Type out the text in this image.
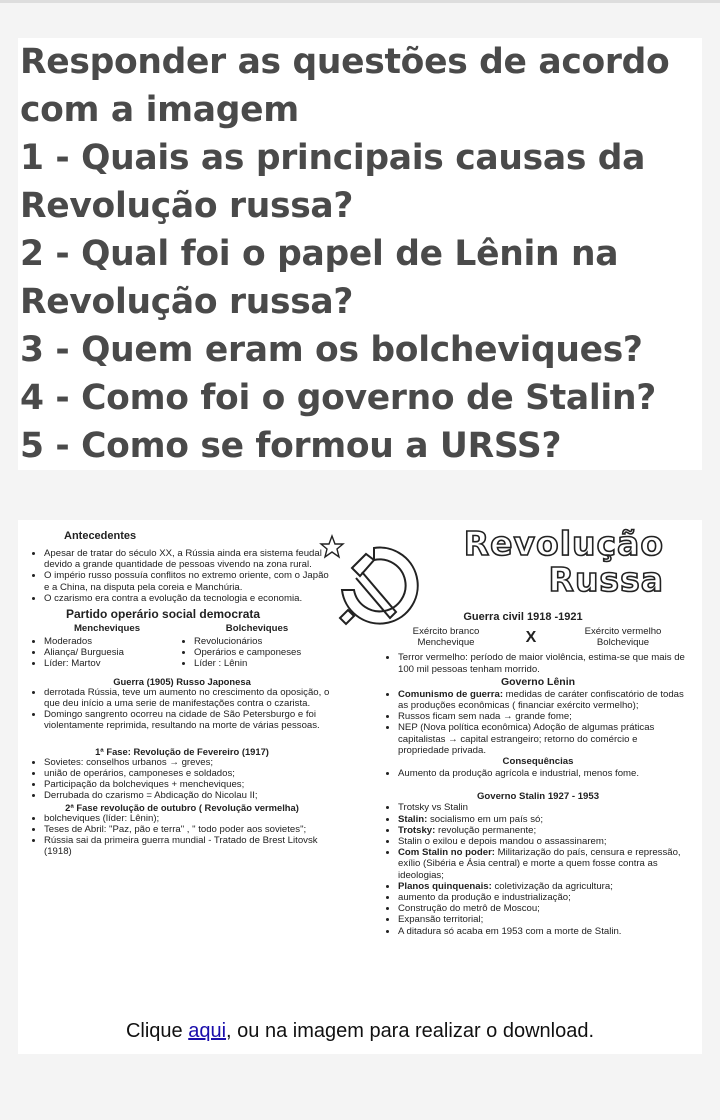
Responder as questões de acordo

com a imagem

1 - Quais as principais causas da

Revolução russa?

2 - Qual foi o papel de Lênin na

Revolução russa?

3 - Quem eram os bolcheviques?

4 - Como foi o governo de Stalin?

5 - Como se formou a URSS?

Antecedentes
• Apesar de tratar do século XX, a Rússia ainda era sistema feudal devido a grande quantidade de pessoas vivendo na zona rural.
• O império russo possuía conflitos no extremo oriente, com o Japão e a China, na disputa pela coreia e Manchúria.
• O czarismo era contra a evolução da tecnologia e economia.
Partido operário social democrata
Mencheviques
• Moderados
• Aliança/ Burguesia
• Líder: Martov
Bolcheviques
• Revolucionários
• Operários e camponeses
• Líder : Lênin
Guerra (1905) Russo Japonesa
• derrotada Rússia, teve um aumento no crescimento da oposição, o que deu início a uma serie de manifestações contra o czarista.
• Domingo sangrento ocorreu na cidade de São Petersburgo e foi violentamente reprimida, resultando na morte de várias pessoas.
1ª Fase: Revolução de Fevereiro (1917)
• Sovietes: conselhos urbanos → greves;
• união de operários, camponeses e soldados;
• Participação da bolcheviques + mencheviques;
• Derrubada do czarismo = Abdicação do Nicolau II;
2ª Fase revolução de outubro ( Revolução vermelha)
• bolcheviques (líder: Lênin);
• Teses de Abril: "Paz, pão e terra" , " todo poder aos sovietes";
• Rússia sai da primeira guerra mundial - Tratado de Brest Litovsk (1918)
Revolução
Russa
Guerra civil 1918 -1921
Exército branco
Menchevique	X	Exército vermelho
Bolchevique
• Terror vermelho: período de maior violência, estima-se que mais de 100 mil pessoas tenham morrido.
Governo Lênin
• Comunismo de guerra: medidas de caráter confiscatório de todas as produções econômicas ( financiar exército vermelho);
• Russos ficam sem nada → grande fome;
• NEP (Nova política econômica) Adoção de algumas práticas capitalistas → capital estrangeiro; retorno do comércio e propriedade privada.
Consequências
• Aumento da produção agrícola e industrial, menos fome.
Governo Stalin 1927 - 1953
• Trotsky vs Stalin
• Stalin: socialismo em um país só;
• Trotsky: revolução permanente;
• Stalin o exilou e depois mandou o assassinarem;
• Com Stalin no poder: Militarização do país, censura e repressão, exílio (Sibéria e Ásia central) e morte a quem fosse contra as ideologias;
• Planos quinquenais: coletivização da agricultura;
• aumento da produção e industrialização;
• Construção do metrô de Moscou;
• Expansão territorial;
• A ditadura só acaba em 1953 com a morte de Stalin.
Clique aqui, ou na imagem para realizar o download.
